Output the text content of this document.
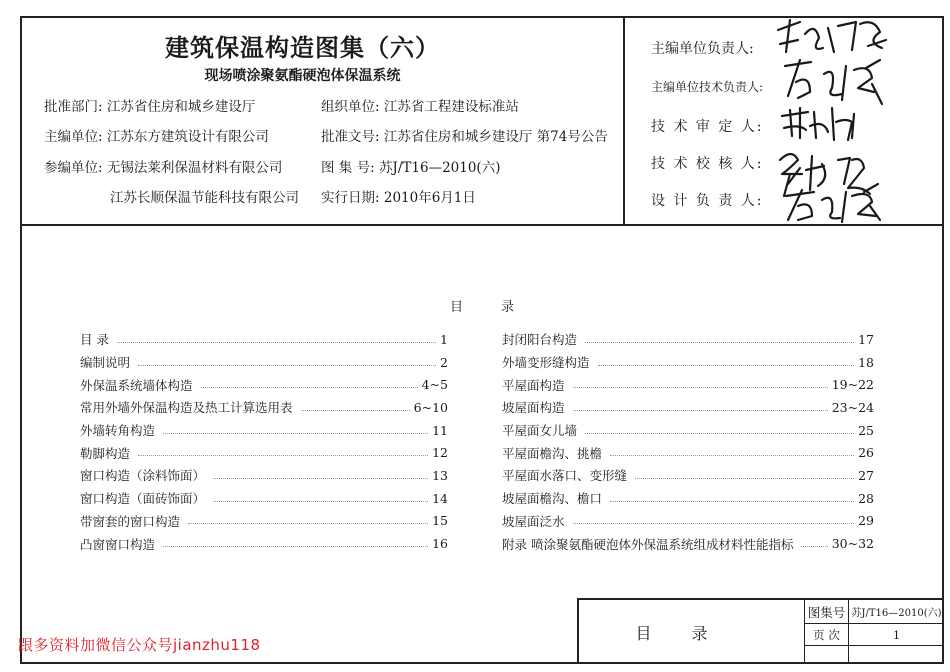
建筑保温构造图集（六）
现场喷涂聚氨酯硬泡体保温系统
批准部门: 江苏省住房和城乡建设厅	组织单位: 江苏省工程建设标准站
主编单位: 江苏东方建筑设计有限公司	批准文号: 江苏省住房和城乡建设厅 第74号公告
参编单位: 无锡法莱利保温材料有限公司	图 集 号: 苏J/T16—2010(六)
江苏长顺保温节能科技有限公司 实行日期: 2010年6月1日
主编单位负责人:
主编单位技术负责人:
技 术 审 定 人:
技 术 校 核 人:
设 计 负 责 人:
目录
目 录	1
编制说明	2
外保温系统墙体构造	4~5
常用外墙外保温构造及热工计算选用表	6~10
外墙转角构造	11
勒脚构造	12
窗口构造（涂料饰面）	13
窗口构造（面砖饰面）	14
带窗套的窗口构造	15
凸窗窗口构造	16
封闭阳台构造	17
外墙变形缝构造	18
平屋面构造	19~22
坡屋面构造	23~24
平屋面女儿墙	25
平屋面檐沟、挑檐	26
平屋面水落口、变形缝	27
坡屋面檐沟、檐口	28
坡屋面泛水	29
附录 喷涂聚氨酯硬泡体外保温系统组成材料性能指标	30~32
目录
图集号 苏J/T16—2010(六)
页 次	1
跟多资料加微信公众号jianzhu118
